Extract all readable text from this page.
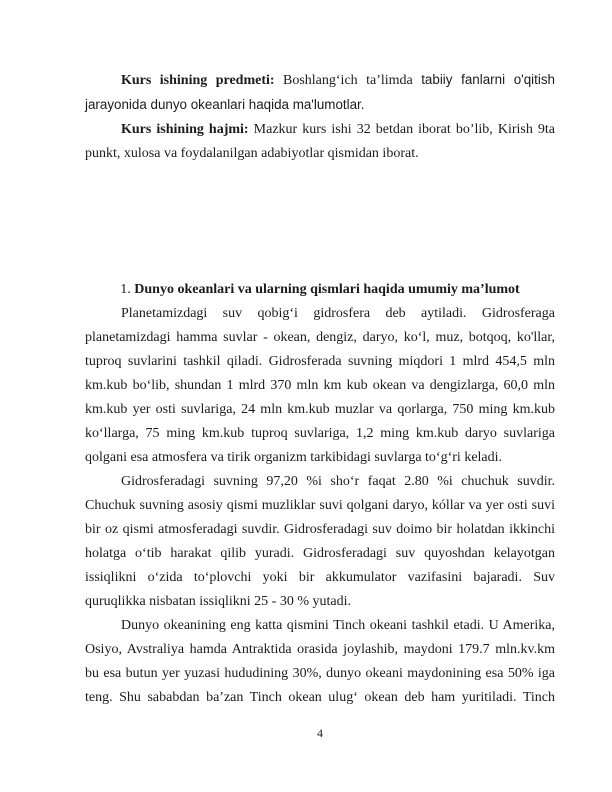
Kurs ishining predmeti: Boshlang‘ich ta’limda tabiiy fanlarni o'qitish
jarayonida dunyo okeanlari haqida ma'lumotlar.
Kurs ishining hajmi: Mazkur kurs ishi 32 betdan iborat bo’lib, Kirish 9ta
punkt, xulosa va foydalanilgan adabiyotlar qismidan iborat.
1. Dunyo okeanlari va ularning qismlari haqida umumiy ma’lumot
Planetamizdagi suv qobig‘i gidrosfera deb aytiladi. Gidrosferaga
planetamizdagi hamma suvlar - okean, dengiz, daryo, ko‘l, muz, botqoq, ko'llar,
tuproq suvlarini tashkil qiladi. Gidrosferada suvning miqdori 1 mlrd 454,5 mln
km.kub bo‘lib, shundan 1 mlrd 370 mln km kub okean va dengizlarga, 60,0 mln
km.kub yer osti suvlariga, 24 mln km.kub muzlar va qorlarga, 750 ming km.kub
ko‘llarga, 75 ming km.kub tuproq suvlariga, 1,2 ming km.kub daryo suvlariga
qolgani esa atmosfera va tirik organizm tarkibidagi suvlarga to‘g‘ri keladi.
Gidrosferadagi suvning 97,20 %i sho‘r faqat 2.80 %i chuchuk suvdir.
Chuchuk suvning asosiy qismi muzliklar suvi qolgani daryo, kóllar va yer osti suvi
bir oz qismi atmosferadagi suvdir. Gidrosferadagi suv doimo bir holatdan ikkinchi
holatga o‘tib harakat qilib yuradi. Gidrosferadagi suv quyoshdan kelayotgan
issiqlikni o‘zida to‘plovchi yoki bir akkumulator vazifasini bajaradi. Suv
quruqlikka nisbatan issiqlikni 25 - 30 % yutadi.
Dunyo okeanining eng katta qismini Tinch okeani tashkil etadi. U Amerika,
Osiyo, Avstraliya hamda Antraktida orasida joylashib, maydoni 179.7 mln.kv.km
bu esa butun yer yuzasi hududining 30%, dunyo okeani maydonining esa 50% iga
teng. Shu sababdan ba’zan Tinch okean ulug‘ okean deb ham yuritiladi. Tinch
4
